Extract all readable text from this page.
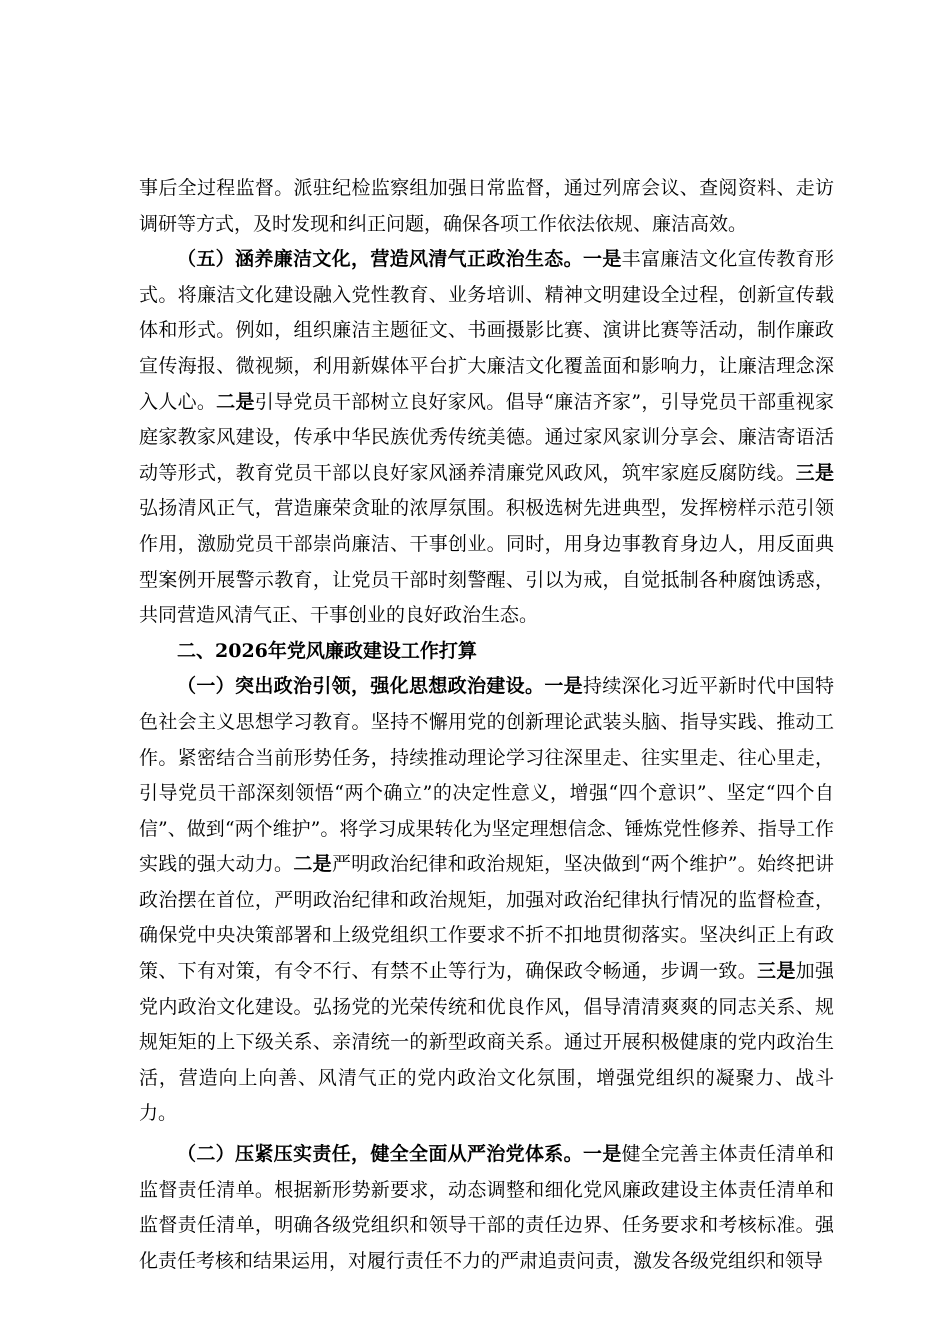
事后全过程监督。派驻纪检监察组加强日常监督，通过列席会议、查阅资料、走访调研等方式，及时发现和纠正问题，确保各项工作依法依规、廉洁高效。

（五）涵养廉洁文化，营造风清气正政治生态。一是丰富廉洁文化宣传教育形式。将廉洁文化建设融入党性教育、业务培训、精神文明建设全过程，创新宣传载体和形式。例如，组织廉洁主题征文、书画摄影比赛、演讲比赛等活动，制作廉政宣传海报、微视频，利用新媒体平台扩大廉洁文化覆盖面和影响力，让廉洁理念深入人心。二是引导党员干部树立良好家风。倡导“廉洁齐家”，引导党员干部重视家庭家教家风建设，传承中华民族优秀传统美德。通过家风家训分享会、廉洁寄语活动等形式，教育党员干部以良好家风涵养清廉党风政风，筑牢家庭反腐防线。三是弘扬清风正气，营造廉荣贪耻的浓厚氛围。积极选树先进典型，发挥榜样示范引领作用，激励党员干部崇尚廉洁、干事创业。同时，用身边事教育身边人，用反面典型案例开展警示教育，让党员干部时刻警醒、引以为戒，自觉抵制各种腐蚀诱惑，共同营造风清气正、干事创业的良好政治生态。

二、2026年党风廉政建设工作打算

（一）突出政治引领，强化思想政治建设。一是持续深化习近平新时代中国特色社会主义思想学习教育。坚持不懈用党的创新理论武装头脑、指导实践、推动工作。紧密结合当前形势任务，持续推动理论学习往深里走、往实里走、往心里走，引导党员干部深刻领悟“两个确立”的决定性意义，增强“四个意识”、坚定“四个自信”、做到“两个维护”。将学习成果转化为坚定理想信念、锤炼党性修养、指导工作实践的强大动力。二是严明政治纪律和政治规矩，坚决做到“两个维护”。始终把讲政治摆在首位，严明政治纪律和政治规矩，加强对政治纪律执行情况的监督检查，确保党中央决策部署和上级党组织工作要求不折不扣地贯彻落实。坚决纠正上有政策、下有对策，有令不行、有禁不止等行为，确保政令畅通，步调一致。三是加强党内政治文化建设。弘扬党的光荣传统和优良作风，倡导清清爽爽的同志关系、规规矩矩的上下级关系、亲清统一的新型政商关系。通过开展积极健康的党内政治生活，营造向上向善、风清气正的党内政治文化氛围，增强党组织的凝聚力、战斗力。

（二）压紧压实责任，健全全面从严治党体系。一是健全完善主体责任清单和监督责任清单。根据新形势新要求，动态调整和细化党风廉政建设主体责任清单和监督责任清单，明确各级党组织和领导干部的责任边界、任务要求和考核标准。强化责任考核和结果运用，对履行责任不力的严肃追责问责，激发各级党组织和领导
